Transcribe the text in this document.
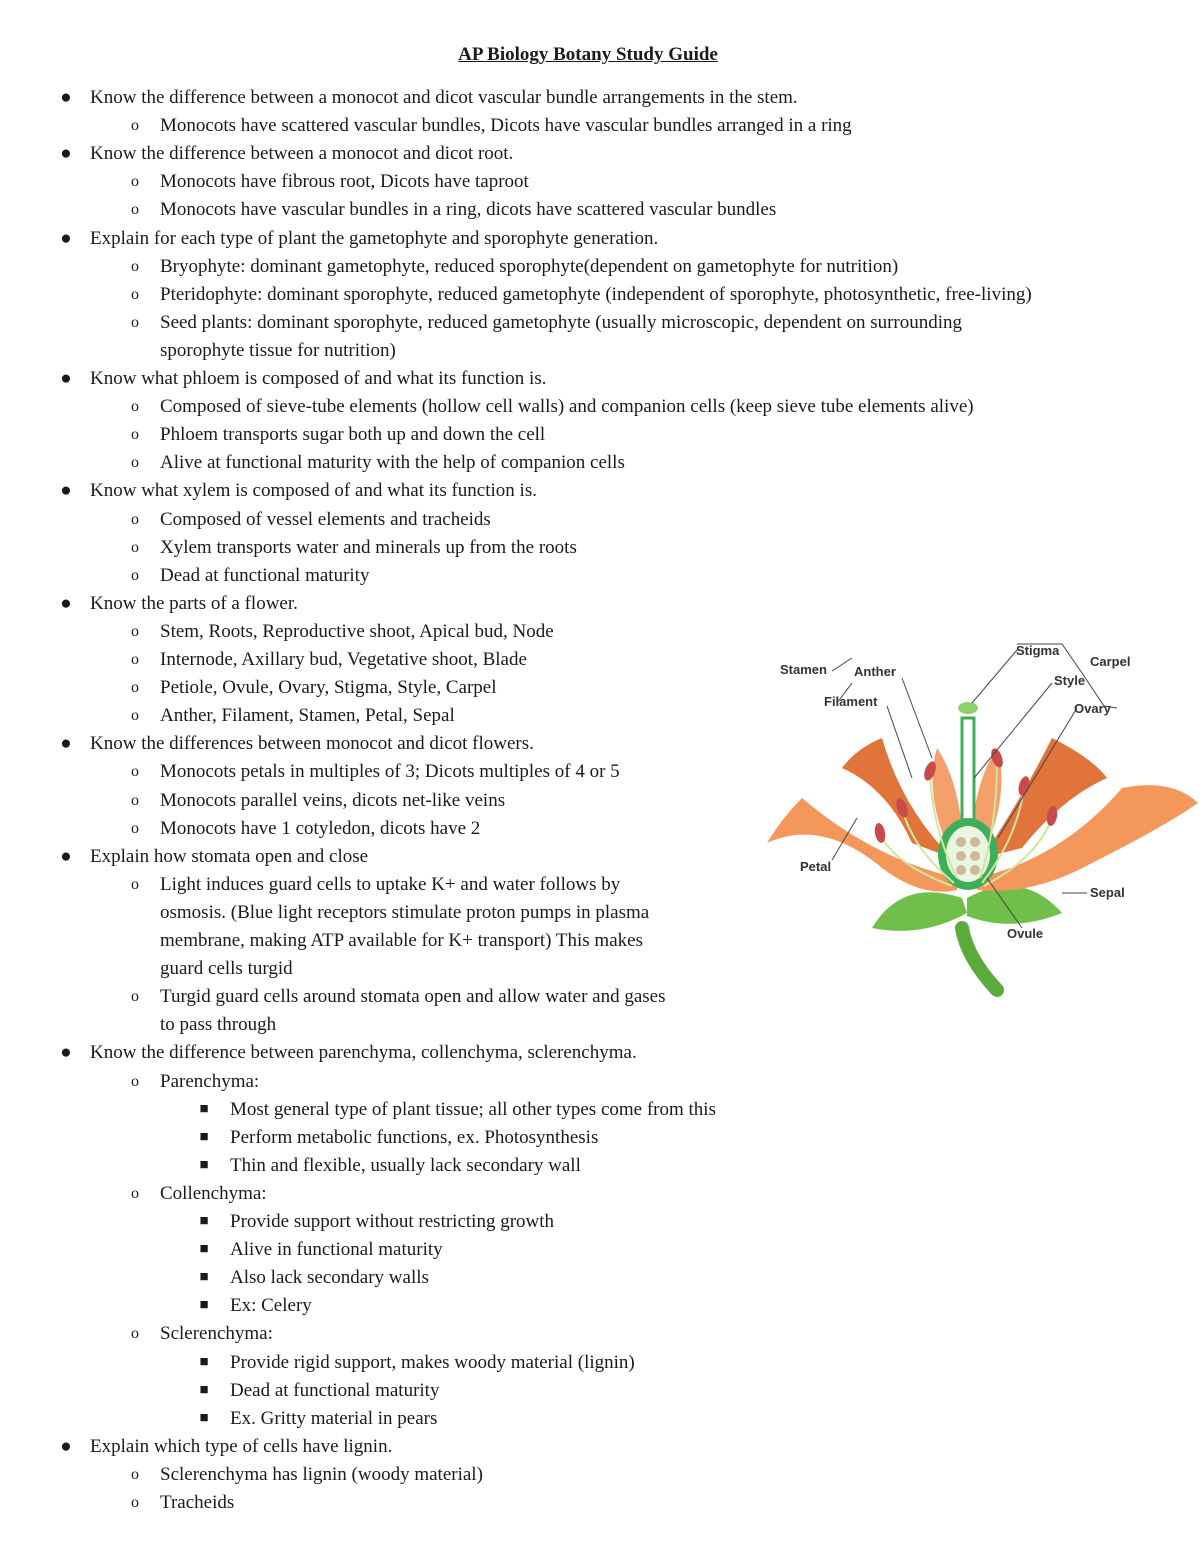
AP Biology Botany Study Guide
● Know the difference between a monocot and dicot vascular bundle arrangements in the stem.
o Monocots have scattered vascular bundles, Dicots have vascular bundles arranged in a ring
● Know the difference between a monocot and dicot root.
o Monocots have fibrous root, Dicots have taproot
o Monocots have vascular bundles in a ring, dicots have scattered vascular bundles
● Explain for each type of plant the gametophyte and sporophyte generation.
o Bryophyte: dominant gametophyte, reduced sporophyte(dependent on gametophyte for nutrition)
o Pteridophyte: dominant sporophyte, reduced gametophyte (independent of sporophyte, photosynthetic, free-living)
o Seed plants: dominant sporophyte, reduced gametophyte (usually microscopic, dependent on surrounding
sporophyte tissue for nutrition)
● Know what phloem is composed of and what its function is.
o Composed of sieve-tube elements (hollow cell walls) and companion cells (keep sieve tube elements alive)
o Phloem transports sugar both up and down the cell
o Alive at functional maturity with the help of companion cells
● Know what xylem is composed of and what its function is.
o Composed of vessel elements and tracheids
o Xylem transports water and minerals up from the roots
o Dead at functional maturity
● Know the parts of a flower.
o Stem, Roots, Reproductive shoot, Apical bud, Node
o Internode, Axillary bud, Vegetative shoot, Blade
o Petiole, Ovule, Ovary, Stigma, Style, Carpel
o Anther, Filament, Stamen, Petal, Sepal
● Know the differences between monocot and dicot flowers.
o Monocots petals in multiples of 3; Dicots multiples of 4 or 5
o Monocots parallel veins, dicots net-like veins
o Monocots have 1 cotyledon, dicots have 2
● Explain how stomata open and close
o Light induces guard cells to uptake K+ and water follows by
osmosis. (Blue light receptors stimulate proton pumps in plasma
membrane, making ATP available for K+ transport) This makes
guard cells turgid
o Turgid guard cells around stomata open and allow water and gases
to pass through
● Know the difference between parenchyma, collenchyma, sclerenchyma.
o Parenchyma:
■ Most general type of plant tissue; all other types come from this
■ Perform metabolic functions, ex. Photosynthesis
■ Thin and flexible, usually lack secondary wall
o Collenchyma:
■ Provide support without restricting growth
■ Alive in functional maturity
■ Also lack secondary walls
■ Ex: Celery
o Sclerenchyma:
■ Provide rigid support, makes woody material (lignin)
■ Dead at functional maturity
■ Ex. Gritty material in pears
● Explain which type of cells have lignin.
o Sclerenchyma has lignin (woody material)
o Tracheids
Stamen Anther
Filament
Stigma
Carpel
Style
Ovary
Petal
Sepal
Ovule
